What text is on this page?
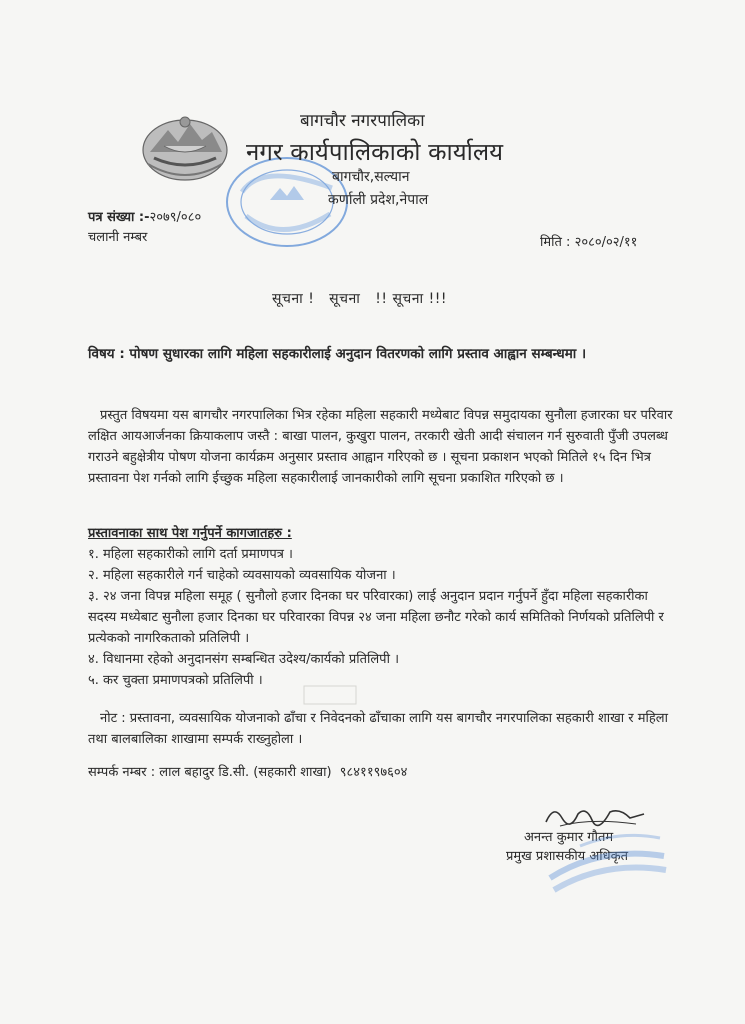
बागचौर नगरपालिका
नगर कार्यपालिकाको कार्यालय
बागचौर,सल्यान
कर्णाली प्रदेश,नेपाल
पत्र संख्या :-२०७९/०८०
चलानी नम्बर	मिति : २०८०/०२/११
सूचना !   सूचना   !! सूचना !!!
विषय : पोषण सुधारका लागि महिला सहकारीलाई अनुदान वितरणको लागि प्रस्ताव आह्वान सम्बन्धमा ।

प्रस्तुत विषयमा यस बागचौर नगरपालिका भित्र रहेका महिला सहकारी मध्येबाट विपन्न समुदायका सुनौला हजारका घर परिवार लक्षित आयआर्जनका क्रियाकलाप जस्तै : बाखा पालन, कुखुरा पालन, तरकारी खेती आदी संचालन गर्न सुरुवाती पुँजी उपलब्ध गराउने बहुक्षेत्रीय पोषण योजना कार्यक्रम अनुसार प्रस्ताव आह्वान गरिएको छ । सूचना प्रकाशन भएको मितिले १५ दिन भित्र प्रस्तावना पेश गर्नको लागि ईच्छुक महिला सहकारीलाई जानकारीको लागि सूचना प्रकाशित गरिएको छ ।

प्रस्तावनाका साथ पेश गर्नुपर्ने कागजातहरु :
१. महिला सहकारीको लागि दर्ता प्रमाणपत्र ।
२. महिला सहकारीले गर्न चाहेको व्यवसायको व्यवसायिक योजना ।
३. २४ जना विपन्न महिला समूह ( सुनौलो हजार दिनका घर परिवारका) लाई अनुदान प्रदान गर्नुपर्ने हुँदा महिला सहकारीका सदस्य मध्येबाट सुनौला हजार दिनका घर परिवारका विपन्न २४ जना महिला छनौट गरेको कार्य समितिको निर्णयको प्रतिलिपी र प्रत्येकको नागरिकताको प्रतिलिपी ।
४. विधानमा रहेको अनुदानसंग सम्बन्धित उदेश्य/कार्यको प्रतिलिपी ।
५. कर चुक्ता प्रमाणपत्रको प्रतिलिपी ।

नोट : प्रस्तावना, व्यवसायिक योजनाको ढाँचा र निवेदनको ढाँचाका लागि यस बागचौर नगरपालिका सहकारी शाखा र महिला तथा बालबालिका शाखामा सम्पर्क राख्नुहोला ।

सम्पर्क नम्बर : लाल बहादुर डि.सी. (सहकारी शाखा)  ९८४११९७६०४
अनन्त कुमार गौतम
प्रमुख प्रशासकीय अधिकृत
